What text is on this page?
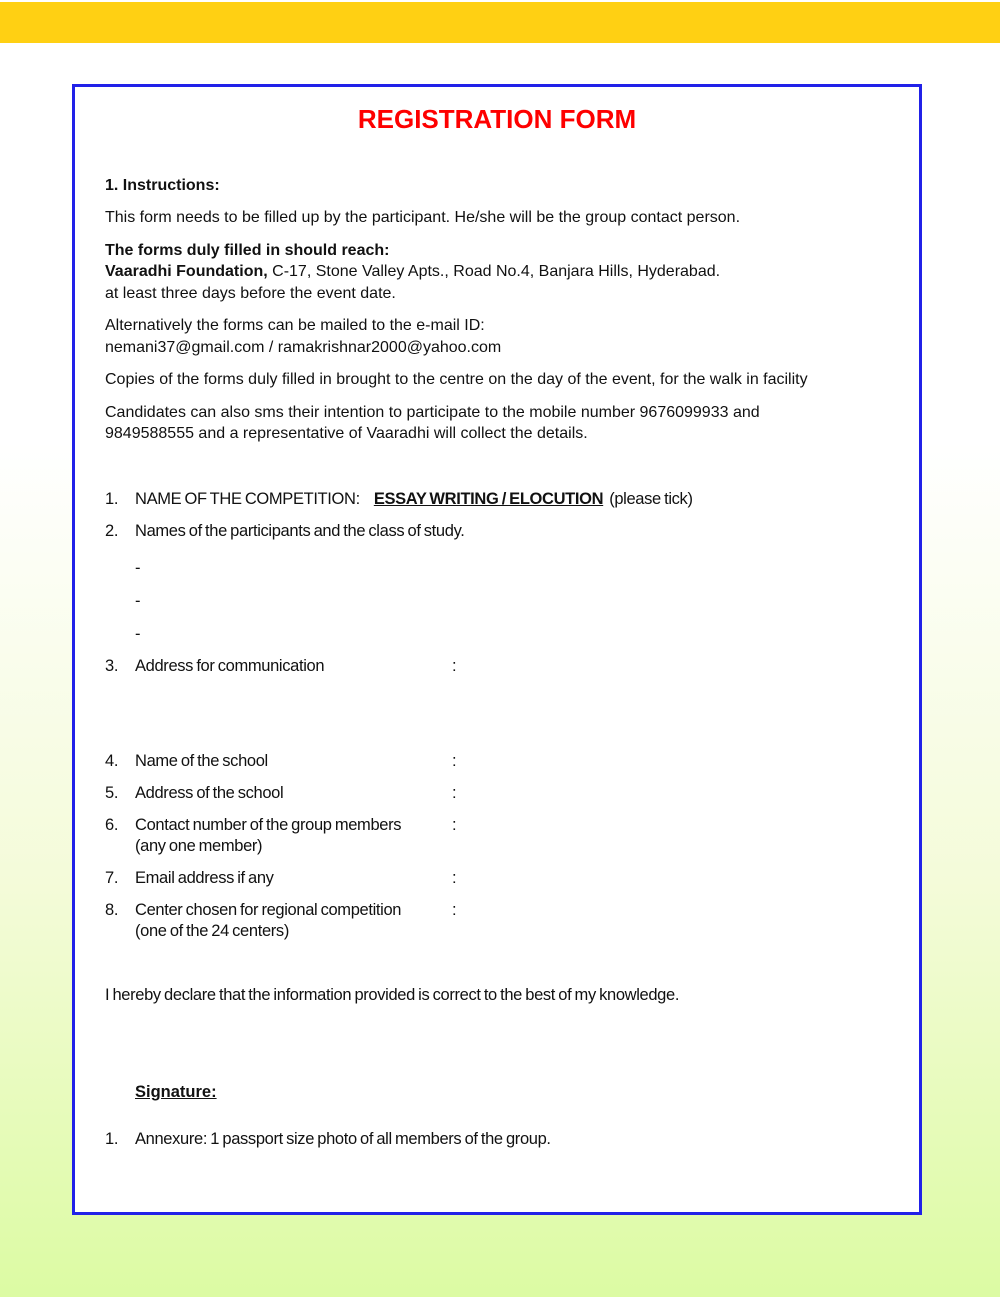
REGISTRATION FORM
1. Instructions:

This form needs to be filled up by the participant. He/she will be the group contact person.

The forms duly filled in should reach:
Vaaradhi Foundation, C-17, Stone Valley Apts., Road No.4, Banjara Hills, Hyderabad.
at least three days before the event date.
Alternatively the forms can be mailed to the e-mail ID:
nemani37@gmail.com / ramakrishnar2000@yahoo.com

Copies of the forms duly filled in brought to the centre on the day of the event, for the walk in facility

Candidates can also sms their intention to participate to the mobile number 9676099933 and 9849588555 and a representative of Vaaradhi will collect the details.

1.	NAME OF THE COMPETITION: ESSAY WRITING / ELOCUTION (please tick)
2.	Names of the participants and the class of study.
-
-
-
3.	Address for communication	:
4.	Name of the school	:
5.	Address of the school	:
6.	Contact number of the group members
(any one member)
:
7.	Email address if any	:
8.	Center chosen for regional competition
(one of the 24 centers)
:

I hereby declare that the information provided is correct to the best of my knowledge.

Signature:
1.	Annexure: 1 passport size photo of all members of the group.
